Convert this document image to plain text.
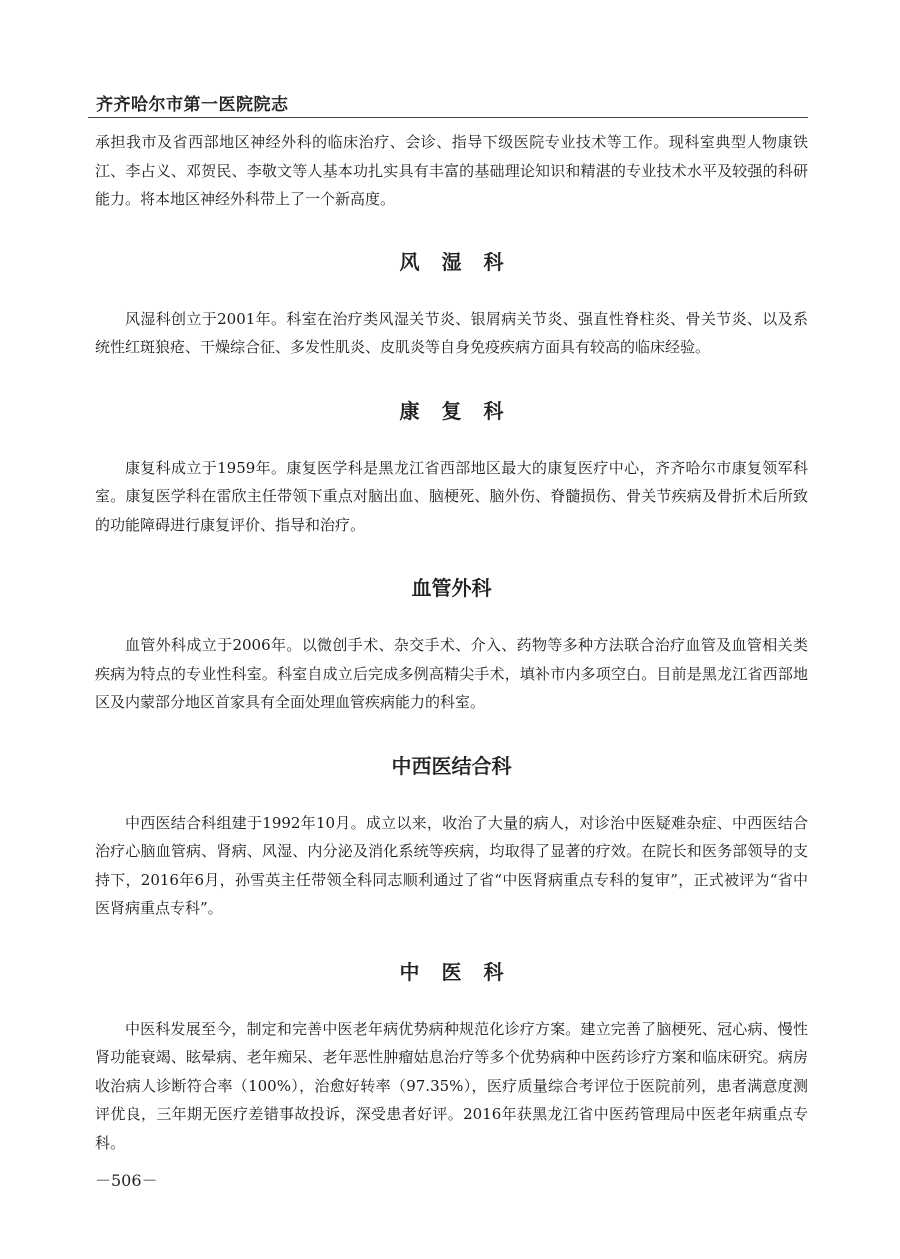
齐齐哈尔市第一医院院志

承担我市及省西部地区神经外科的临床治疗、会诊、指导下级医院专业技术等工作。现科室典型人物康铁江、李占义、邓贺民、李敬文等人基本功扎实具有丰富的基础理论知识和精湛的专业技术水平及较强的科研能力。将本地区神经外科带上了一个新高度。

风湿科

风湿科创立于2001年。科室在治疗类风湿关节炎、银屑病关节炎、强直性脊柱炎、骨关节炎、以及系统性红斑狼疮、干燥综合征、多发性肌炎、皮肌炎等自身免疫疾病方面具有较高的临床经验。

康复科

康复科成立于1959年。康复医学科是黑龙江省西部地区最大的康复医疗中心，齐齐哈尔市康复领军科室。康复医学科在雷欣主任带领下重点对脑出血、脑梗死、脑外伤、脊髓损伤、骨关节疾病及骨折术后所致的功能障碍进行康复评价、指导和治疗。

血管外科

血管外科成立于2006年。以微创手术、杂交手术、介入、药物等多种方法联合治疗血管及血管相关类疾病为特点的专业性科室。科室自成立后完成多例高精尖手术，填补市内多项空白。目前是黑龙江省西部地区及内蒙部分地区首家具有全面处理血管疾病能力的科室。

中西医结合科

中西医结合科组建于1992年10月。成立以来，收治了大量的病人，对诊治中医疑难杂症、中西医结合治疗心脑血管病、肾病、风湿、内分泌及消化系统等疾病，均取得了显著的疗效。在院长和医务部领导的支持下，2016年6月，孙雪英主任带领全科同志顺利通过了省“中医肾病重点专科的复审”，正式被评为“省中医肾病重点专科”。

中医科

中医科发展至今，制定和完善中医老年病优势病种规范化诊疗方案。建立完善了脑梗死、冠心病、慢性肾功能衰竭、眩晕病、老年痴呆、老年恶性肿瘤姑息治疗等多个优势病种中医药诊疗方案和临床研究。病房收治病人诊断符合率（100%），治愈好转率（97.35%），医疗质量综合考评位于医院前列，患者满意度测评优良，三年期无医疗差错事故投诉，深受患者好评。2016年获黑龙江省中医药管理局中医老年病重点专科。

－506－
